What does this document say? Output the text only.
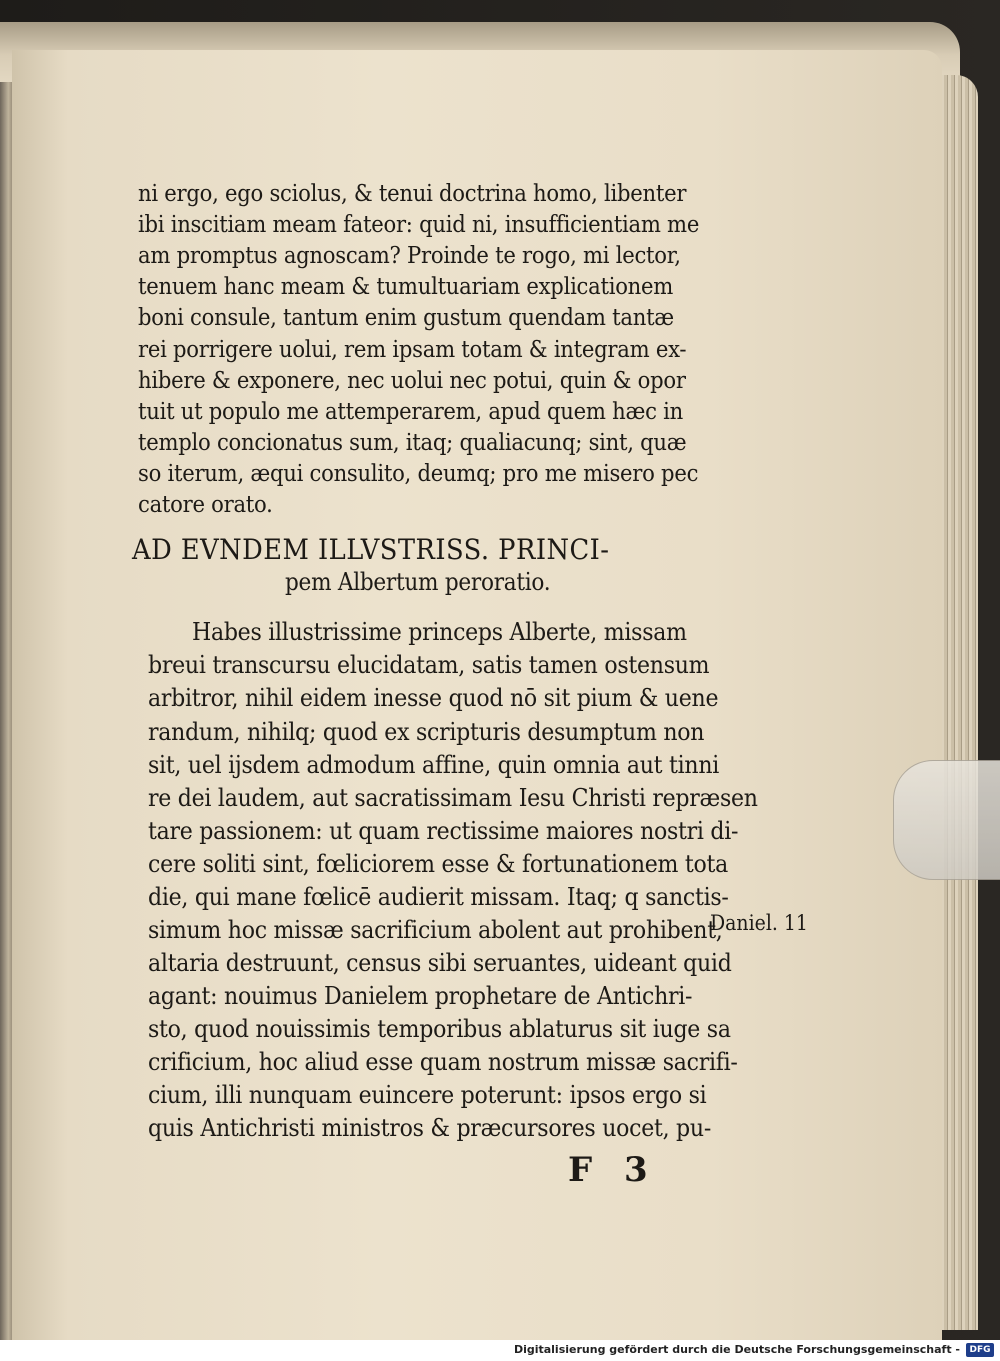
ni ergo, ego sciolus, & tenui doctrina homo, libenter
ibi inscitiam meam fateor: quid ni, insufficientiam me
am promptus agnoscam? Proinde te rogo, mi lector,
tenuem hanc meam & tumultuariam explicationem
boni consule, tantum enim gustum quendam tantæ
rei porrigere uolui, rem ipsam totam & integram ex-
hibere & exponere, nec uolui nec potui, quin & opor
tuit ut populo me attemperarem, apud quem hæc in
templo concionatus sum, itaq; qualiacunq; sint, quæ
so iterum, æqui consulito, deumq; pro me misero pec
catore orato.
AD EVNDEM ILLVSTRISS. PRINCI-
pem Albertum peroratio.
Habes illustrissime princeps Alberte, missam
breui transcursu elucidatam, satis tamen ostensum
arbitror, nihil eidem inesse quod nō sit pium & uene
randum, nihilq; quod ex scripturis desumptum non
sit, uel ijsdem admodum affine, quin omnia aut tinni
re dei laudem, aut sacratissimam Iesu Christi repræsen
tare passionem: ut quam rectissime maiores nostri di-
cere soliti sint, fœliciorem esse & fortunationem tota
die, qui mane fœlicē audierit missam. Itaq; q sanctis-
simum hoc missæ sacrificium abolent aut prohibent,
altaria destruunt, census sibi seruantes, uideant quid
agant: nouimus Danielem prophetare de Antichri-
sto, quod nouissimis temporibus ablaturus sit iuge sa
crificium, hoc aliud esse quam nostrum missæ sacrifi-
cium, illi nunquam euincere poterunt: ipsos ergo si
quis Antichristi ministros & præcursores uocet, pu-
Daniel. 11
F 3
Digitalisierung gefördert durch die Deutsche Forschungsgemeinschaft -	DFG
